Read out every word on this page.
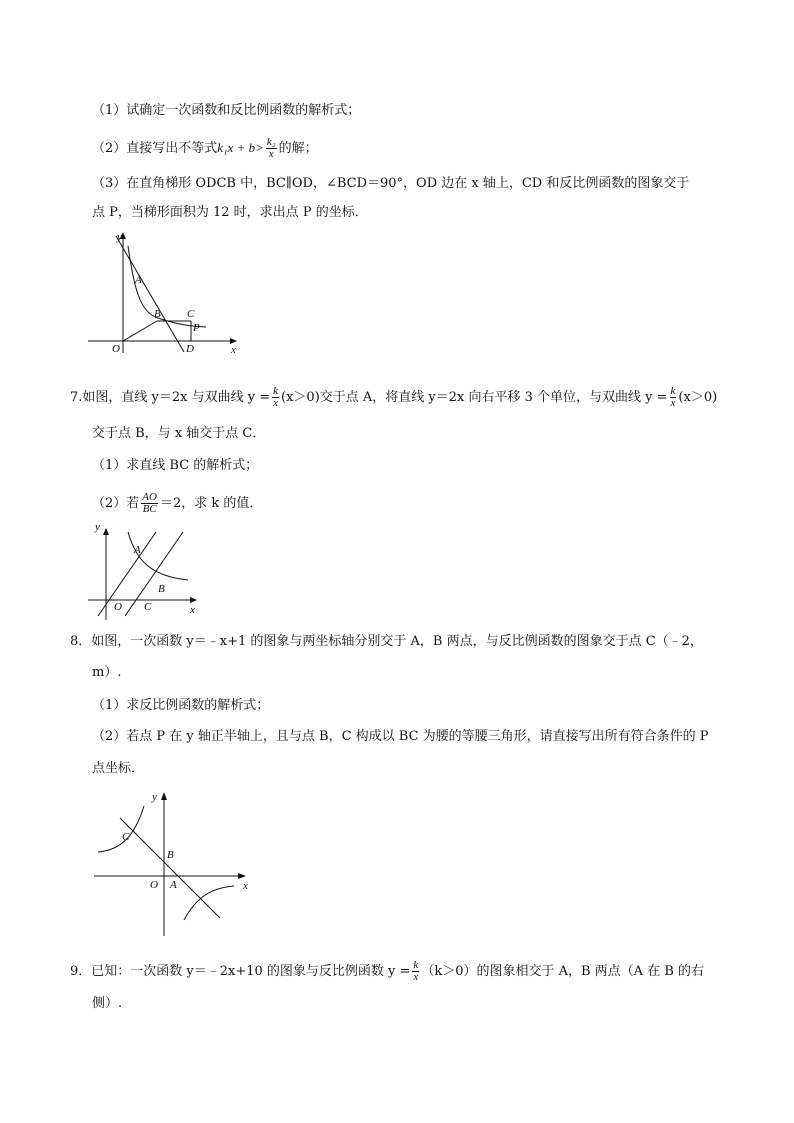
（1）试确定一次函数和反比例函数的解析式；
（2）直接写出不等式$k_1x + b> \frac{\text{k₂}}{x}$ 的解；
（3）在直角梯形 ODCB 中，BC∥OD，∠BCD＝90°，OD 边在 x 轴上，CD 和反比例函数的图象交于
点 P，当梯形面积为 12 时，求出点 P 的坐标．
y
A
B C
P
O	D	x
7.如图，直线 y＝2x 与双曲线 $y = \frac{k}{x} (x>0)$交于点 A，将直线 y＝2x 向右平移 3 个单位，与双曲线 $y = \frac{k}{x} (x>0)$
交于点 B，与 x 轴交于点 C．
（1）求直线 BC 的解析式；
（2）若 $\frac{AO}{BC} =2$，求 k 的值．
y
A
B
O C	x
8．如图，一次函数 y＝﹣x+1 的图象与两坐标轴分别交于 A，B 两点，与反比例函数的图象交于点 C（﹣2，
m）.
（1）求反比例函数的解析式；
（2）若点 P 在 y 轴正半轴上，且与点 B，C 构成以 BC 为腰的等腰三角形，请直接写出所有符合条件的 P
点坐标．
y
C
B
O A	x
9．已知：一次函数 y＝﹣2x+10 的图象与反比例函数 $y = \frac{k}{x} (k>0)$的图象相交于 A，B 两点（A 在 B 的右
侧）.
